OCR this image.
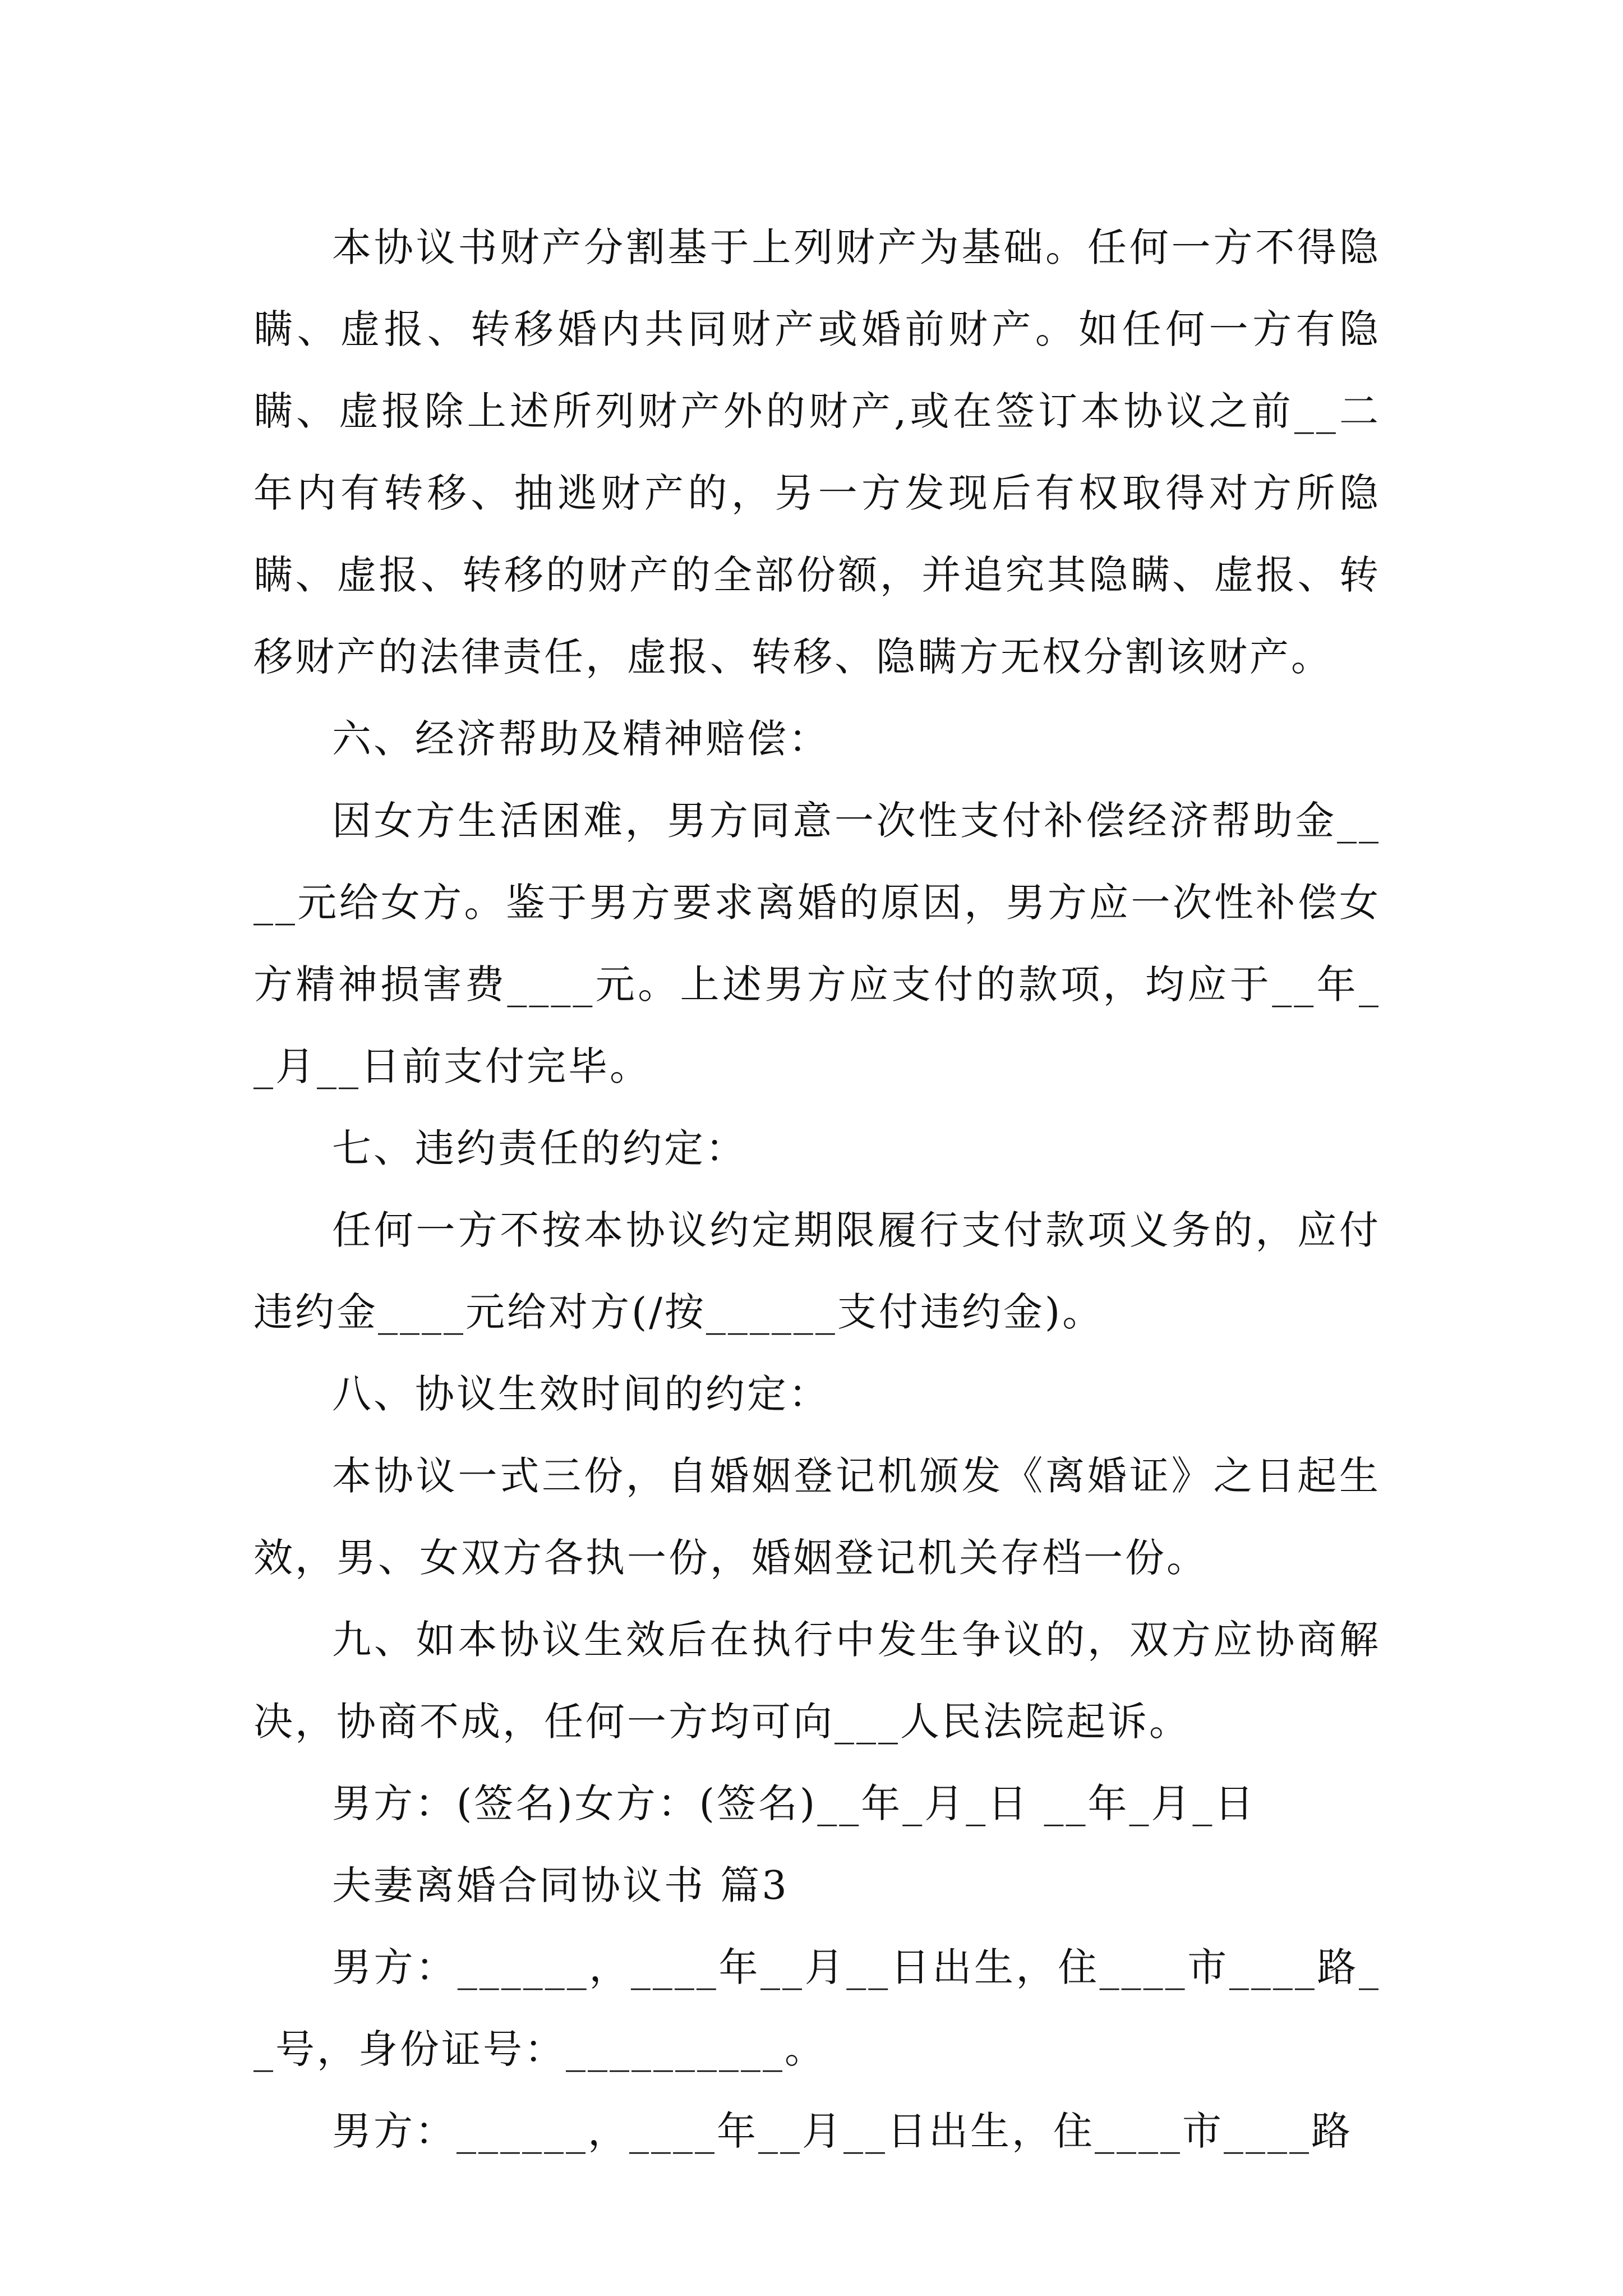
本协议书财产分割基于上列财产为基础。任何一方不得隐瞒、虚报、转移婚内共同财产或婚前财产。如任何一方有隐瞒、虚报除上述所列财产外的财产,或在签订本协议之前__二年内有转移、抽逃财产的，另一方发现后有权取得对方所隐瞒、虚报、转移的财产的全部份额，并追究其隐瞒、虚报、转移财产的法律责任，虚报、转移、隐瞒方无权分割该财产。

六、经济帮助及精神赔偿：

因女方生活困难，男方同意一次性支付补偿经济帮助金____元给女方。鉴于男方要求离婚的原因，男方应一次性补偿女方精神损害费____元。上述男方应支付的款项，均应于__年__月__日前支付完毕。

七、违约责任的约定：

任何一方不按本协议约定期限履行支付款项义务的，应付违约金____元给对方(/按______支付违约金)。

八、协议生效时间的约定：

本协议一式三份，自婚姻登记机颁发《离婚证》之日起生效，男、女双方各执一份，婚姻登记机关存档一份。

九、如本协议生效后在执行中发生争议的，双方应协商解决，协商不成，任何一方均可向___人民法院起诉。

男方：(签名)女方：(签名)__年_月_日 __年_月_日

夫妻离婚合同协议书 篇3

男方：______，____年__月__日出生，住____市____路__号，身份证号：__________。

男方：______，____年__月__日出生，住____市____路
